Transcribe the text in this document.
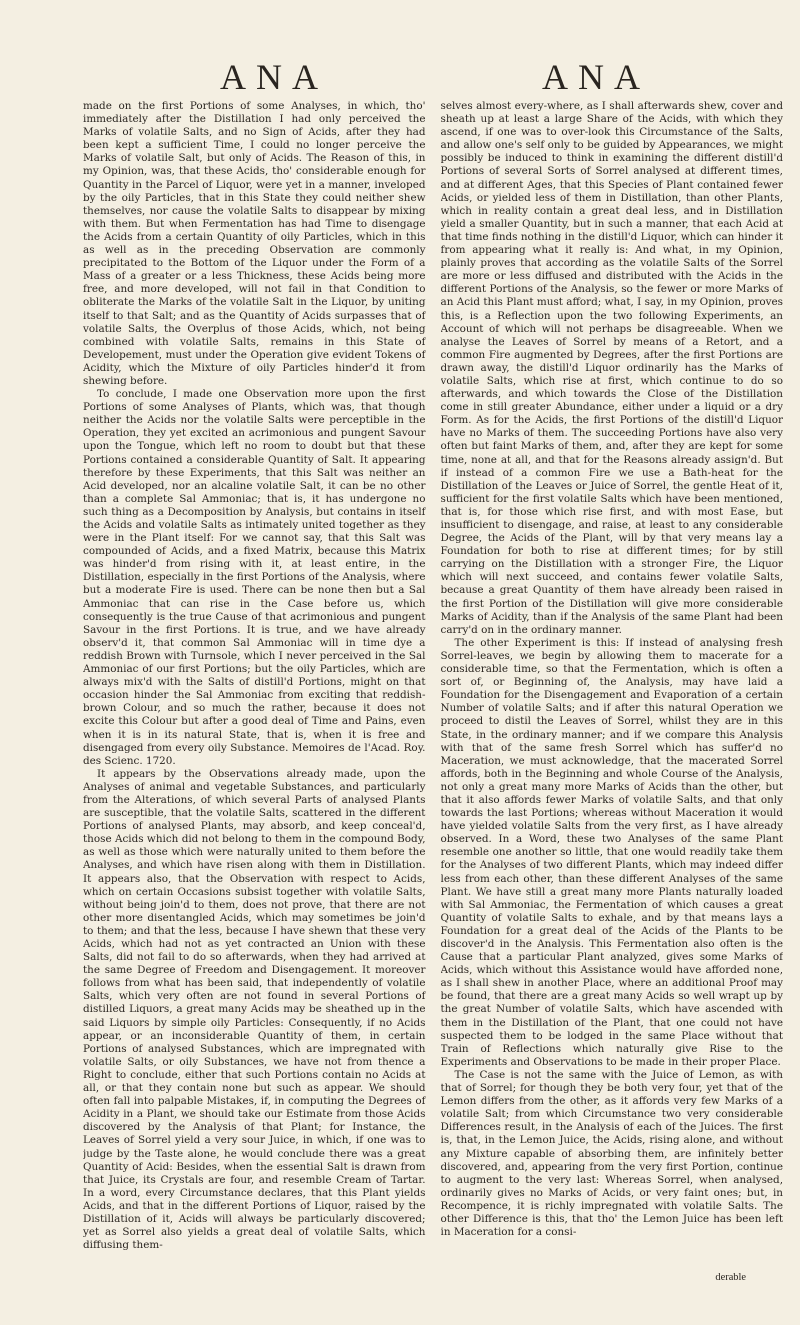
ANA	ANA

made on the first Portions of some Analyses, in which, tho' immediately after the Distillation I had only perceived the Marks of volatile Salts, and no Sign of Acids, after they had been kept a sufficient Time, I could no longer perceive the Marks of volatile Salt, but only of Acids. The Reason of this, in my Opinion, was, that these Acids, tho' considerable enough for Quantity in the Parcel of Liquor, were yet in a manner, inveloped by the oily Particles, that in this State they could neither shew themselves, nor cause the volatile Salts to disappear by mixing with them. But when Fermentation has had Time to disengage the Acids from a certain Quantity of oily Particles, which in this as well as in the preceding Observation are commonly precipitated to the Bottom of the Liquor under the Form of a Mass of a greater or a less Thickness, these Acids being more free, and more developed, will not fail in that Condition to obliterate the Marks of the volatile Salt in the Liquor, by uniting itself to that Salt; and as the Quantity of Acids surpasses that of volatile Salts, the Overplus of those Acids, which, not being combined with volatile Salts, remains in this State of Developement, must under the Operation give evident Tokens of Acidity, which the Mixture of oily Particles hinder'd it from shewing before.

To conclude, I made one Observation more upon the first Portions of some Analyses of Plants, which was, that though neither the Acids nor the volatile Salts were perceptible in the Operation, they yet excited an acrimonious and pungent Savour upon the Tongue, which left no room to doubt but that these Portions contained a considerable Quantity of Salt. It appearing therefore by these Experiments, that this Salt was neither an Acid developed, nor an alcaline volatile Salt, it can be no other than a complete Sal Ammoniac; that is, it has undergone no such thing as a Decomposition by Analysis, but contains in itself the Acids and volatile Salts as intimately united together as they were in the Plant itself: For we cannot say, that this Salt was compounded of Acids, and a fixed Matrix, because this Matrix was hinder'd from rising with it, at least entire, in the Distillation, especially in the first Portions of the Analysis, where but a moderate Fire is used. There can be none then but a Sal Ammoniac that can rise in the Case before us, which consequently is the true Cause of that acrimonious and pungent Savour in the first Portions. It is true, and we have already observ'd it, that common Sal Ammoniac will in time dye a reddish Brown with Turnsole, which I never perceived in the Sal Ammoniac of our first Portions; but the oily Particles, which are always mix'd with the Salts of distill'd Portions, might on that occasion hinder the Sal Ammoniac from exciting that reddish-brown Colour, and so much the rather, because it does not excite this Colour but after a good deal of Time and Pains, even when it is in its natural State, that is, when it is free and disengaged from every oily Substance. Memoires de l'Acad. Roy. des Scienc. 1720.

It appears by the Observations already made, upon the Analyses of animal and vegetable Substances, and particularly from the Alterations, of which several Parts of analysed Plants are susceptible, that the volatile Salts, scattered in the different Portions of analysed Plants, may absorb, and keep conceal'd, those Acids which did not belong to them in the compound Body, as well as those which were naturally united to them before the Analyses, and which have risen along with them in Distillation. It appears also, that the Observation with respect to Acids, which on certain Occasions subsist together with volatile Salts, without being join'd to them, does not prove, that there are not other more disentangled Acids, which may sometimes be join'd to them; and that the less, because I have shewn that these very Acids, which had not as yet contracted an Union with these Salts, did not fail to do so afterwards, when they had arrived at the same Degree of Freedom and Disengagement. It moreover follows from what has been said, that independently of volatile Salts, which very often are not found in several Portions of distilled Liquors, a great many Acids may be sheathed up in the said Liquors by simple oily Particles: Consequently, if no Acids appear, or an inconsiderable Quantity of them, in certain Portions of analysed Substances, which are impregnated with volatile Salts, or oily Substances, we have not from thence a Right to conclude, either that such Portions contain no Acids at all, or that they contain none but such as appear. We should often fall into palpable Mistakes, if, in computing the Degrees of Acidity in a Plant, we should take our Estimate from those Acids discovered by the Analysis of that Plant; for Instance, the Leaves of Sorrel yield a very sour Juice, in which, if one was to judge by the Taste alone, he would conclude there was a great Quantity of Acid: Besides, when the essential Salt is drawn from that Juice, its Crystals are four, and resemble Cream of Tartar. In a word, every Circumstance declares, that this Plant yields Acids, and that in the different Portions of Liquor, raised by the Distillation of it, Acids will always be particularly discovered; yet as Sorrel also yields a great deal of volatile Salts, which diffusing them-

selves almost every-where, as I shall afterwards shew, cover and sheath up at least a large Share of the Acids, with which they ascend, if one was to over-look this Circumstance of the Salts, and allow one's self only to be guided by Appearances, we might possibly be induced to think in examining the different distill'd Portions of several Sorts of Sorrel analysed at different times, and at different Ages, that this Species of Plant contained fewer Acids, or yielded less of them in Distillation, than other Plants, which in reality contain a great deal less, and in Distillation yield a smaller Quantity, but in such a manner, that each Acid at that time finds nothing in the distill'd Liquor, which can hinder it from appearing what it really is: And what, in my Opinion, plainly proves that according as the volatile Salts of the Sorrel are more or less diffused and distributed with the Acids in the different Portions of the Analysis, so the fewer or more Marks of an Acid this Plant must afford; what, I say, in my Opinion, proves this, is a Reflection upon the two following Experiments, an Account of which will not perhaps be disagreeable. When we analyse the Leaves of Sorrel by means of a Retort, and a common Fire augmented by Degrees, after the first Portions are drawn away, the distill'd Liquor ordinarily has the Marks of volatile Salts, which rise at first, which continue to do so afterwards, and which towards the Close of the Distillation come in still greater Abundance, either under a liquid or a dry Form. As for the Acids, the first Portions of the distill'd Liquor have no Marks of them. The succeeding Portions have also very often but faint Marks of them, and, after they are kept for some time, none at all, and that for the Reasons already assign'd. But if instead of a common Fire we use a Bath-heat for the Distillation of the Leaves or Juice of Sorrel, the gentle Heat of it, sufficient for the first volatile Salts which have been mentioned, that is, for those which rise first, and with most Ease, but insufficient to disengage, and raise, at least to any considerable Degree, the Acids of the Plant, will by that very means lay a Foundation for both to rise at different times; for by still carrying on the Distillation with a stronger Fire, the Liquor which will next succeed, and contains fewer volatile Salts, because a great Quantity of them have already been raised in the first Portion of the Distillation will give more considerable Marks of Acidity, than if the Analysis of the same Plant had been carry'd on in the ordinary manner.

The other Experiment is this: If instead of analysing fresh Sorrel-leaves, we begin by allowing them to macerate for a considerable time, so that the Fermentation, which is often a sort of, or Beginning of, the Analysis, may have laid a Foundation for the Disengagement and Evaporation of a certain Number of volatile Salts; and if after this natural Operation we proceed to distil the Leaves of Sorrel, whilst they are in this State, in the ordinary manner; and if we compare this Analysis with that of the same fresh Sorrel which has suffer'd no Maceration, we must acknowledge, that the macerated Sorrel affords, both in the Beginning and whole Course of the Analysis, not only a great many more Marks of Acids than the other, but that it also affords fewer Marks of volatile Salts, and that only towards the last Portions; whereas without Maceration it would have yielded volatile Salts from the very first, as I have already observed. In a Word, these two Analyses of the same Plant resemble one another so little, that one would readily take them for the Analyses of two different Plants, which may indeed differ less from each other, than these different Analyses of the same Plant. We have still a great many more Plants naturally loaded with Sal Ammoniac, the Fermentation of which causes a great Quantity of volatile Salts to exhale, and by that means lays a Foundation for a great deal of the Acids of the Plants to be discover'd in the Analysis. This Fermentation also often is the Cause that a particular Plant analyzed, gives some Marks of Acids, which without this Assistance would have afforded none, as I shall shew in another Place, where an additional Proof may be found, that there are a great many Acids so well wrapt up by the great Number of volatile Salts, which have ascended with them in the Distillation of the Plant, that one could not have suspected them to be lodged in the same Place without that Train of Reflections which naturally give Rise to the Experiments and Observations to be made in their proper Place.

The Case is not the same with the Juice of Lemon, as with that of Sorrel; for though they be both very four, yet that of the Lemon differs from the other, as it affords very few Marks of a volatile Salt; from which Circumstance two very considerable Differences result, in the Analysis of each of the Juices. The first is, that, in the Lemon Juice, the Acids, rising alone, and without any Mixture capable of absorbing them, are infinitely better discovered, and, appearing from the very first Portion, continue to augment to the very last: Whereas Sorrel, when analysed, ordinarily gives no Marks of Acids, or very faint ones; but, in Recompence, it is richly impregnated with volatile Salts. The other Difference is this, that tho' the Lemon Juice has been left in Maceration for a consi-

derable
